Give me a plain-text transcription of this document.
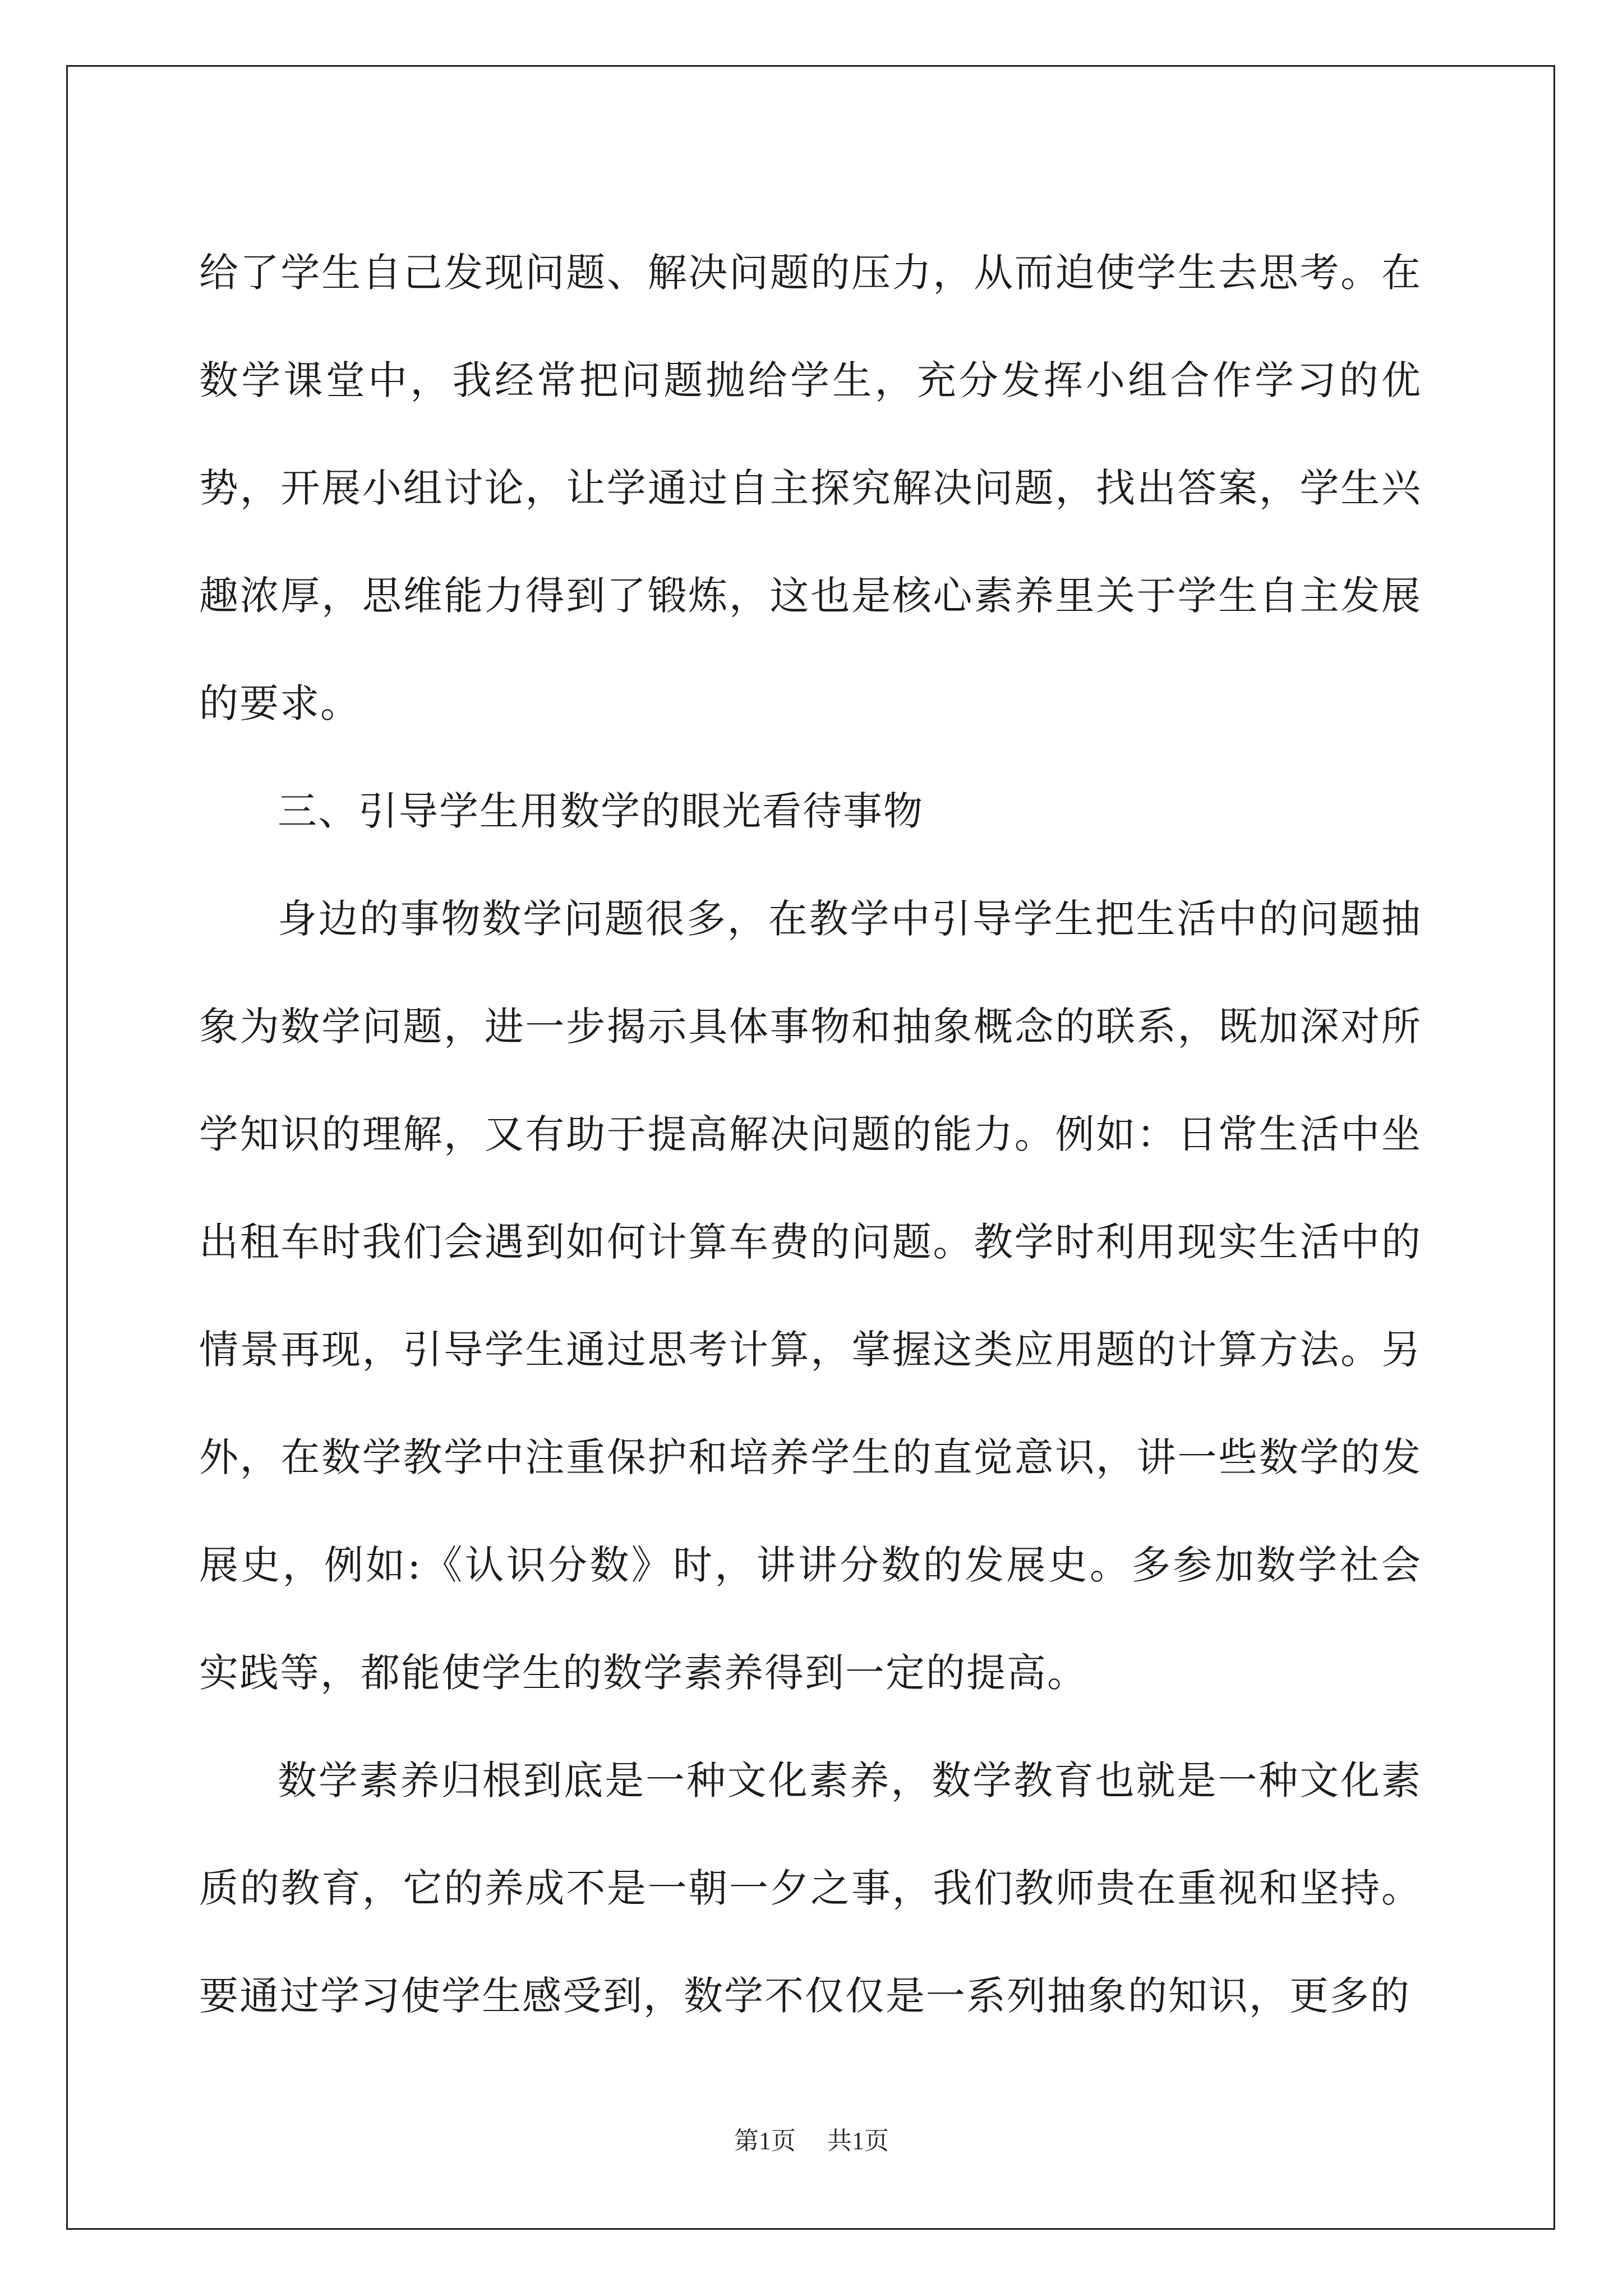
给了学生自己发现问题、解决问题的压力，从而迫使学生去思考。在数学课堂中，我经常把问题抛给学生，充分发挥小组合作学习的优势，开展小组讨论，让学通过自主探究解决问题，找出答案，学生兴趣浓厚，思维能力得到了锻炼，这也是核心素养里关于学生自主发展的要求。

三、引导学生用数学的眼光看待事物

身边的事物数学问题很多，在教学中引导学生把生活中的问题抽象为数学问题，进一步揭示具体事物和抽象概念的联系，既加深对所学知识的理解，又有助于提高解决问题的能力。例如：日常生活中坐出租车时我们会遇到如何计算车费的问题。教学时利用现实生活中的情景再现，引导学生通过思考计算，掌握这类应用题的计算方法。另外，在数学教学中注重保护和培养学生的直觉意识，讲一些数学的发展史，例如:《认识分数》时，讲讲分数的发展史。多参加数学社会实践等，都能使学生的数学素养得到一定的提高。

数学素养归根到底是一种文化素养，数学教育也就是一种文化素质的教育，它的养成不是一朝一夕之事，我们教师贵在重视和坚持。要通过学习使学生感受到，数学不仅仅是一系列抽象的知识，更多的

第1页 共1页
